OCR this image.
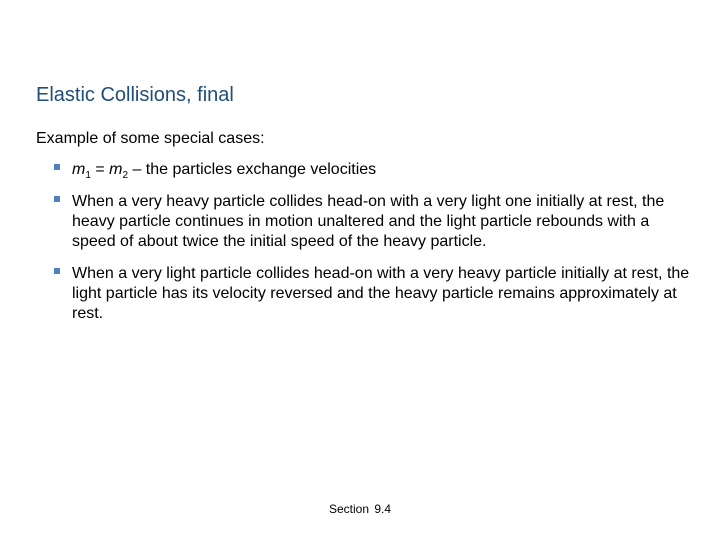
Elastic Collisions, final
Example of some special cases:
$m_1 = m_2$ – the particles exchange velocities
When a very heavy particle collides head-on with a very light one initially at rest, the heavy particle continues in motion unaltered and the light particle rebounds with a speed of about twice the initial speed of the heavy particle.
When a very light particle collides head-on with a very heavy particle initially at rest, the light particle has its velocity reversed and the heavy particle remains approximately at rest.
Section 9.4
